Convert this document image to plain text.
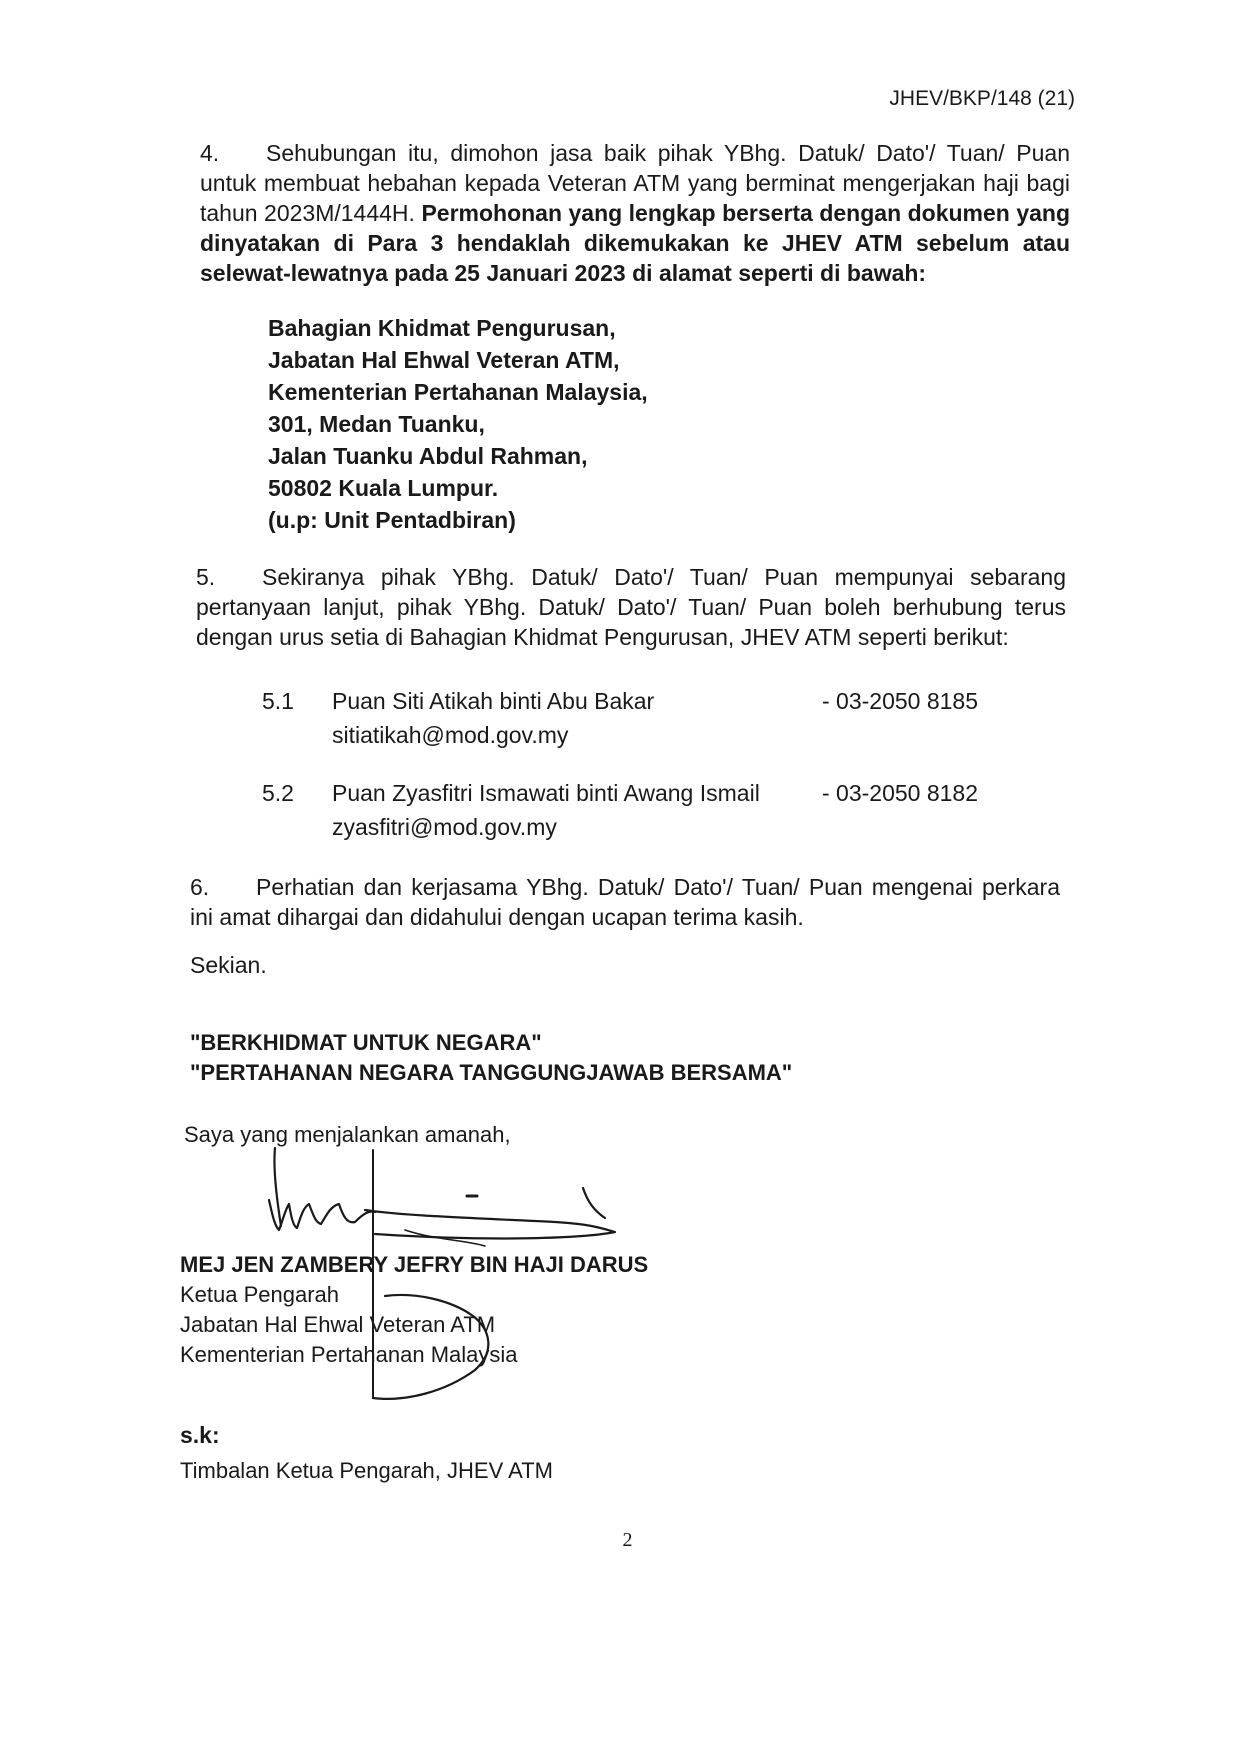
JHEV/BKP/148 (21)
4. Sehubungan itu, dimohon jasa baik pihak YBhg. Datuk/ Dato'/ Tuan/ Puan untuk membuat hebahan kepada Veteran ATM yang berminat mengerjakan haji bagi tahun 2023M/1444H. Permohonan yang lengkap berserta dengan dokumen yang dinyatakan di Para 3 hendaklah dikemukakan ke JHEV ATM sebelum atau selewat-lewatnya pada 25 Januari 2023 di alamat seperti di bawah:
Bahagian Khidmat Pengurusan,
Jabatan Hal Ehwal Veteran ATM,
Kementerian Pertahanan Malaysia,
301, Medan Tuanku,
Jalan Tuanku Abdul Rahman,
50802 Kuala Lumpur.
(u.p: Unit Pentadbiran)
5. Sekiranya pihak YBhg. Datuk/ Dato'/ Tuan/ Puan mempunyai sebarang pertanyaan lanjut, pihak YBhg. Datuk/ Dato'/ Tuan/ Puan boleh berhubung terus dengan urus setia di Bahagian Khidmat Pengurusan, JHEV ATM seperti berikut:
5.1 Puan Siti Atikah binti Abu Bakar
sitiatikah@mod.gov.my
- 03-2050 8185
5.2 Puan Zyasfitri Ismawati binti Awang Ismail
zyasfitri@mod.gov.my
- 03-2050 8182
6. Perhatian dan kerjasama YBhg. Datuk/ Dato'/ Tuan/ Puan mengenai perkara ini amat dihargai dan didahului dengan ucapan terima kasih.
Sekian.
"BERKHIDMAT UNTUK NEGARA"
"PERTAHANAN NEGARA TANGGUNGJAWAB BERSAMA"
Saya yang menjalankan amanah,
MEJ JEN ZAMBERY JEFRY BIN HAJI DARUS
Ketua Pengarah
Jabatan Hal Ehwal Veteran ATM
Kementerian Pertahanan Malaysia
s.k:
Timbalan Ketua Pengarah, JHEV ATM
2
